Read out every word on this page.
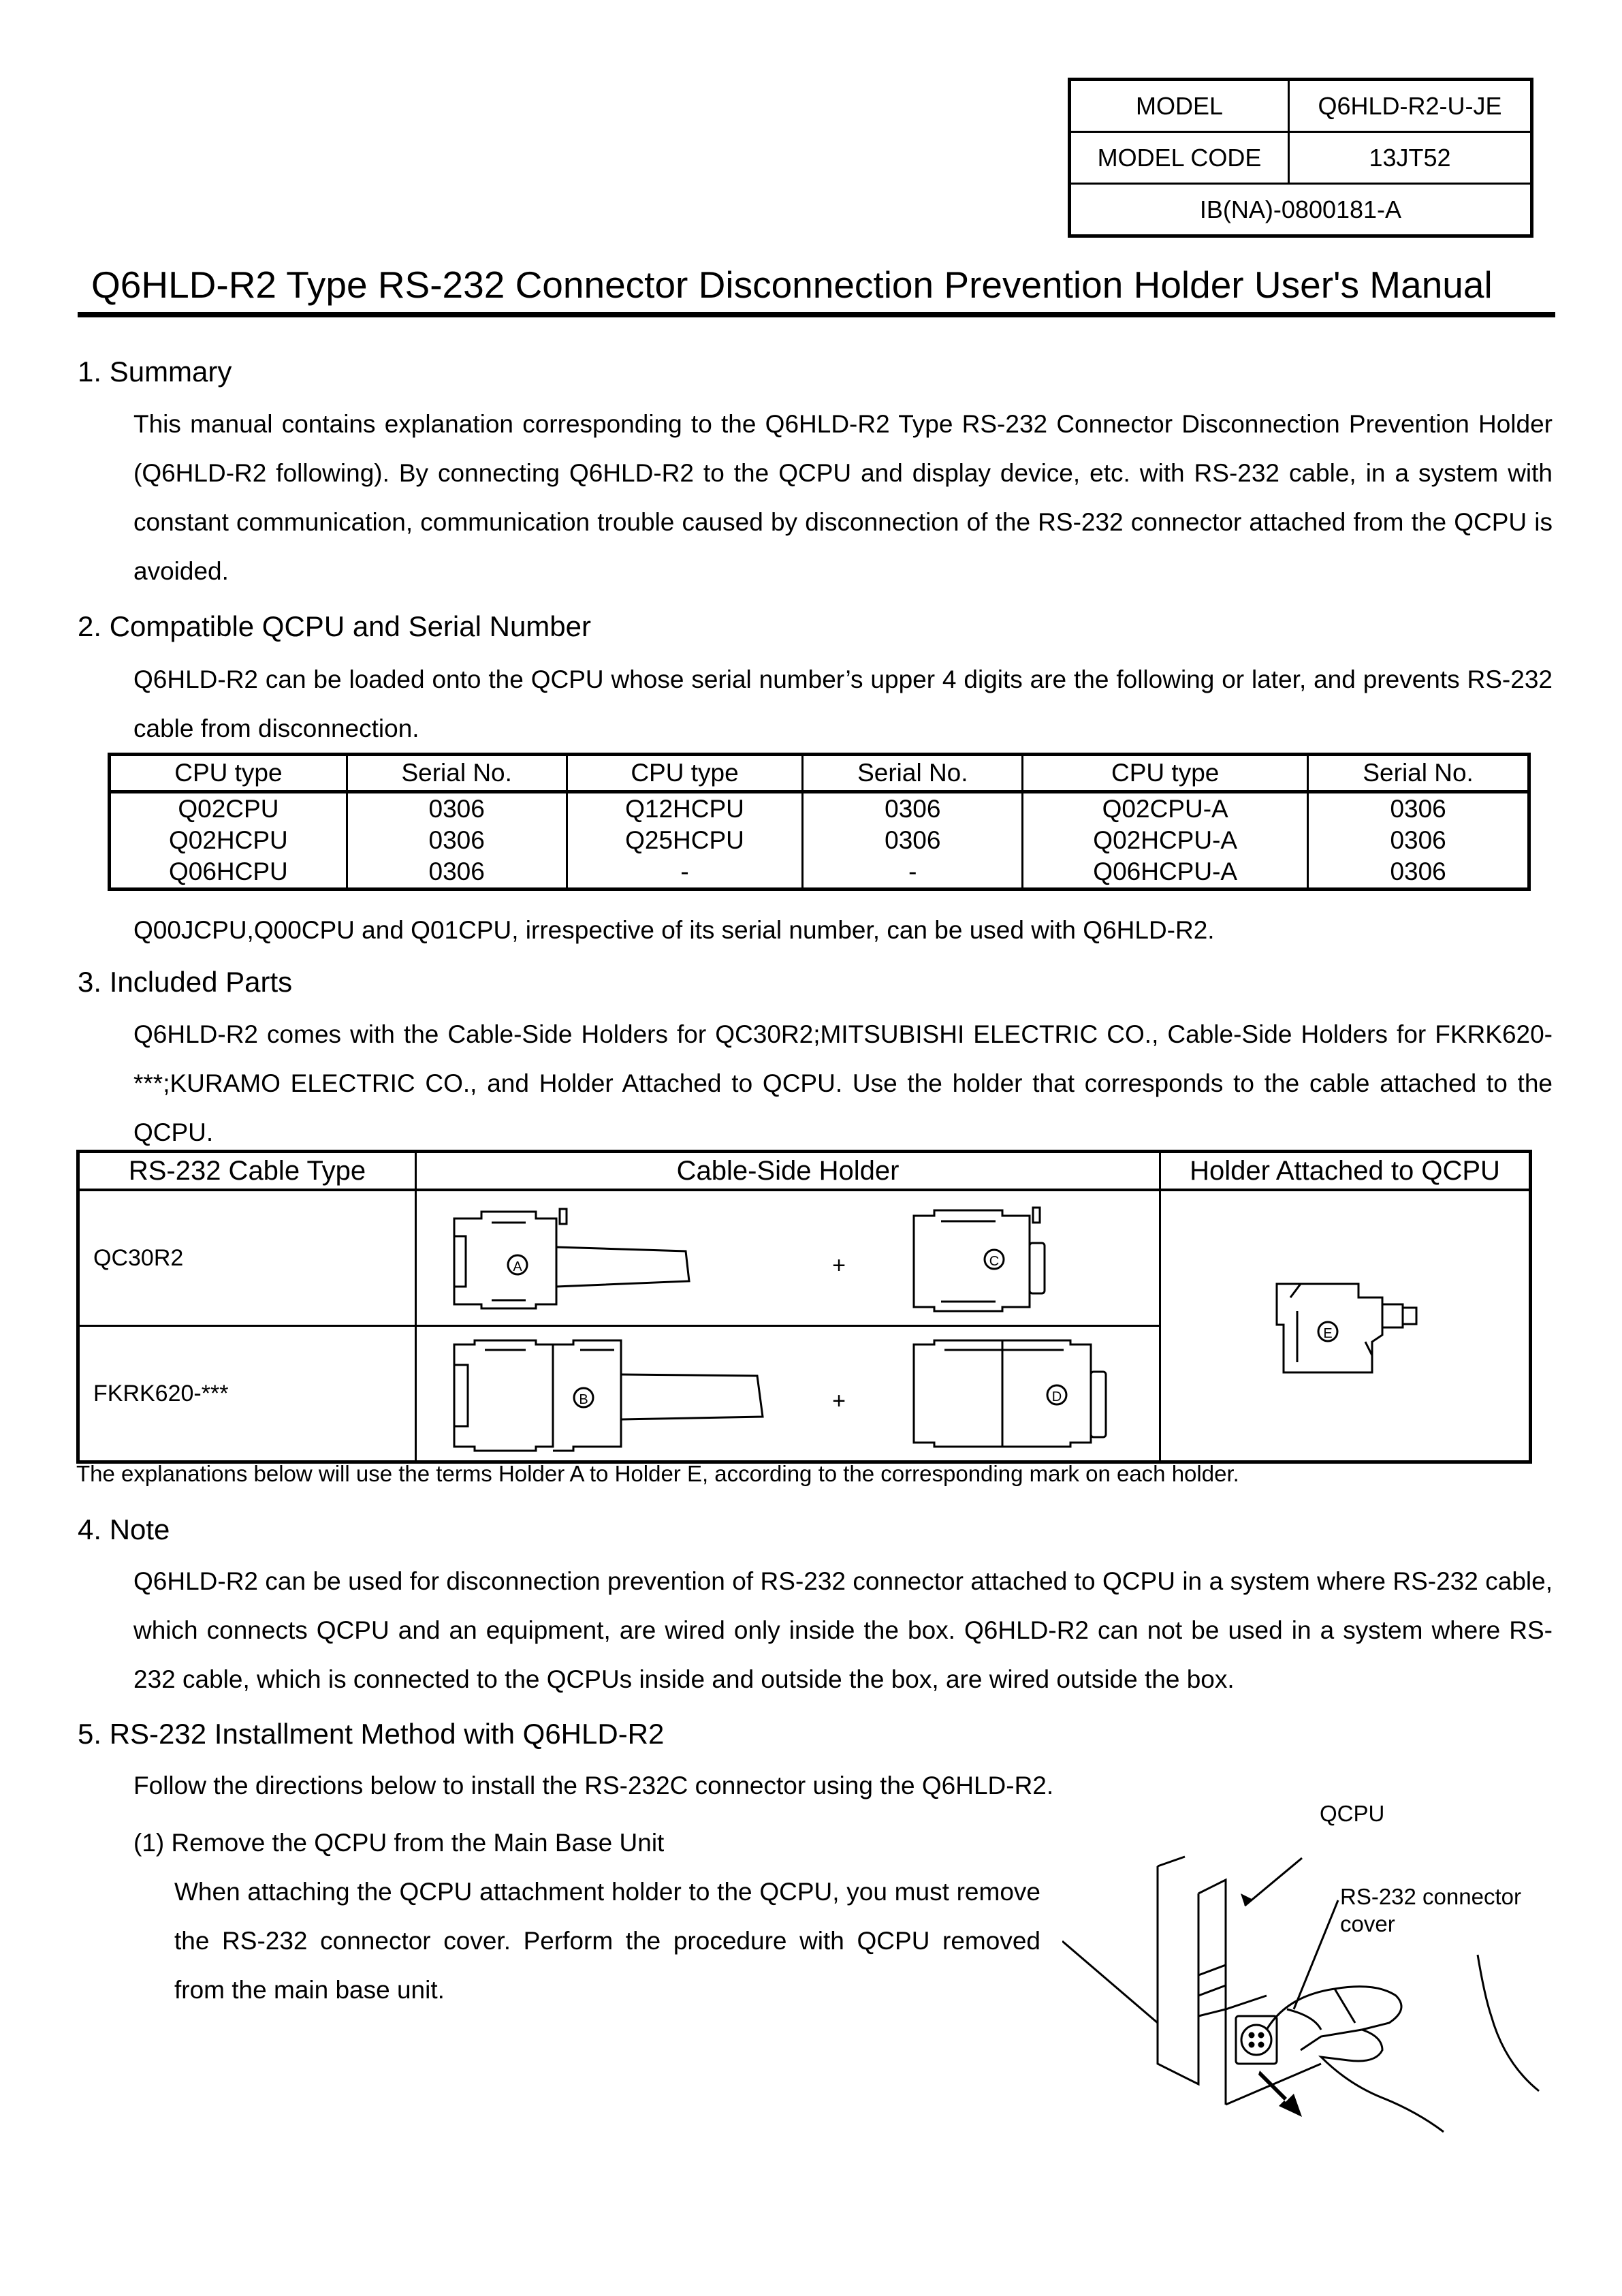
MODEL	Q6HLD-R2-U-JE
MODEL CODE	13JT52
IB(NA)-0800181-A	
Q6HLD-R2 Type RS-232 Connector Disconnection Prevention Holder User's Manual
1. Summary
This manual contains explanation corresponding to the Q6HLD-R2 Type RS-232 Connector Disconnection Prevention Holder (Q6HLD-R2 following). By connecting Q6HLD-R2 to the QCPU and display device, etc. with RS-232 cable, in a system with constant communication, communication trouble caused by disconnection of the RS-232 connector attached from the QCPU is avoided.
2. Compatible QCPU and Serial Number
Q6HLD-R2 can be loaded onto the QCPU whose serial number’s upper 4 digits are the following or later, and prevents RS-232 cable from disconnection.
CPU type	Serial No.	CPU type	Serial No.	CPU type	Serial No.
Q02CPU	0306	Q12HCPU	0306	Q02CPU-A	0306
Q02HCPU	0306	Q25HCPU	0306	Q02HCPU-A	0306
Q06HCPU	0306	-	-	Q06HCPU-A	0306
Q00JCPU,Q00CPU and Q01CPU, irrespective of its serial number, can be used with Q6HLD-R2.
3. Included Parts
Q6HLD-R2 comes with the Cable-Side Holders for QC30R2;MITSUBISHI ELECTRIC CO., Cable-Side Holders for FKRK620-***;KURAMO ELECTRIC CO., and Holder Attached to QCPU. Use the holder that corresponds to the cable attached to the QCPU.
RS-232 Cable Type	Cable-Side Holder	Holder Attached to QCPU
QC30R2	A + C	E

FKRK620-***	B + D	
The explanations below will use the terms Holder A to Holder E, according to the corresponding mark on each holder.
4. Note
Q6HLD-R2 can be used for disconnection prevention of RS-232 connector attached to QCPU in a system where RS-232 cable, which connects QCPU and an equipment, are wired only inside the box. Q6HLD-R2 can not be used in a system where RS-232 cable, which is connected to the QCPUs inside and outside the box, are wired outside the box.
5. RS-232 Installment Method with Q6HLD-R2
Follow the directions below to install the RS-232C connector using the Q6HLD-R2.
(1) Remove the QCPU from the Main Base Unit
When attaching the QCPU attachment holder to the QCPU, you must remove the RS-232 connector cover. Perform the procedure with QCPU removed from the main base unit.
QCPU
RS-232 connector
cover
